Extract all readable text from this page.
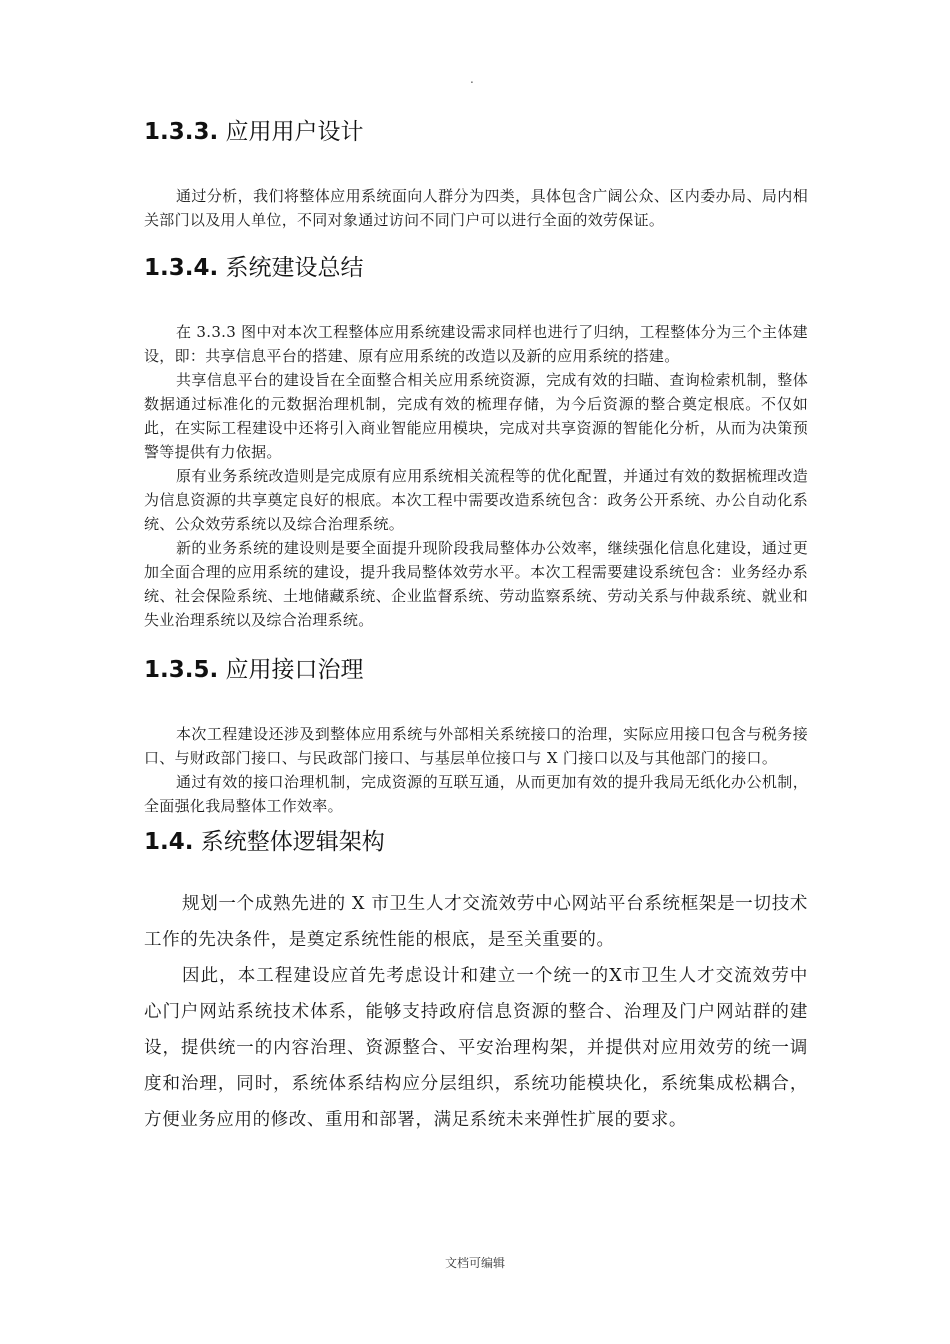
.
1.3.3. 应用用户设计

通过分析，我们将整体应用系统面向人群分为四类，具体包含广阔公众、区内委办局、局内相关部门以及用人单位，不同对象通过访问不同门户可以进行全面的效劳保证。

1.3.4. 系统建设总结

在 3.3.3 图中对本次工程整体应用系统建设需求同样也进行了归纳，工程整体分为三个主体建设，即：共享信息平台的搭建、原有应用系统的改造以及新的应用系统的搭建。

共享信息平台的建设旨在全面整合相关应用系统资源，完成有效的扫瞄、查询检索机制，整体数据通过标准化的元数据治理机制，完成有效的梳理存储，为今后资源的整合奠定根底。不仅如此，在实际工程建设中还将引入商业智能应用模块，完成对共享资源的智能化分析，从而为决策预警等提供有力依据。

原有业务系统改造则是完成原有应用系统相关流程等的优化配置，并通过有效的数据梳理改造为信息资源的共享奠定良好的根底。本次工程中需要改造系统包含：政务公开系统、办公自动化系统、公众效劳系统以及综合治理系统。

新的业务系统的建设则是要全面提升现阶段我局整体办公效率，继续强化信息化建设，通过更加全面合理的应用系统的建设，提升我局整体效劳水平。本次工程需要建设系统包含：业务经办系统、社会保险系统、土地储藏系统、企业监督系统、劳动监察系统、劳动关系与仲裁系统、就业和失业治理系统以及综合治理系统。

1.3.5. 应用接口治理

本次工程建设还涉及到整体应用系统与外部相关系统接口的治理，实际应用接口包含与税务接口、与财政部门接口、与民政部门接口、与基层单位接口与 X 门接口以及与其他部门的接口。

通过有效的接口治理机制，完成资源的互联互通，从而更加有效的提升我局无纸化办公机制，全面强化我局整体工作效率。

1.4. 系统整体逻辑架构

规划一个成熟先进的 X 市卫生人才交流效劳中心网站平台系统框架是一切技术工作的先决条件，是奠定系统性能的根底，是至关重要的。

因此，本工程建设应首先考虑设计和建立一个统一的X市卫生人才交流效劳中心门户网站系统技术体系，能够支持政府信息资源的整合、治理及门户网站群的建设，提供统一的内容治理、资源整合、平安治理构架，并提供对应用效劳的统一调度和治理，同时，系统体系结构应分层组织，系统功能模块化，系统集成松耦合，方便业务应用的修改、重用和部署，满足系统未来弹性扩展的要求。

文档可编辑
